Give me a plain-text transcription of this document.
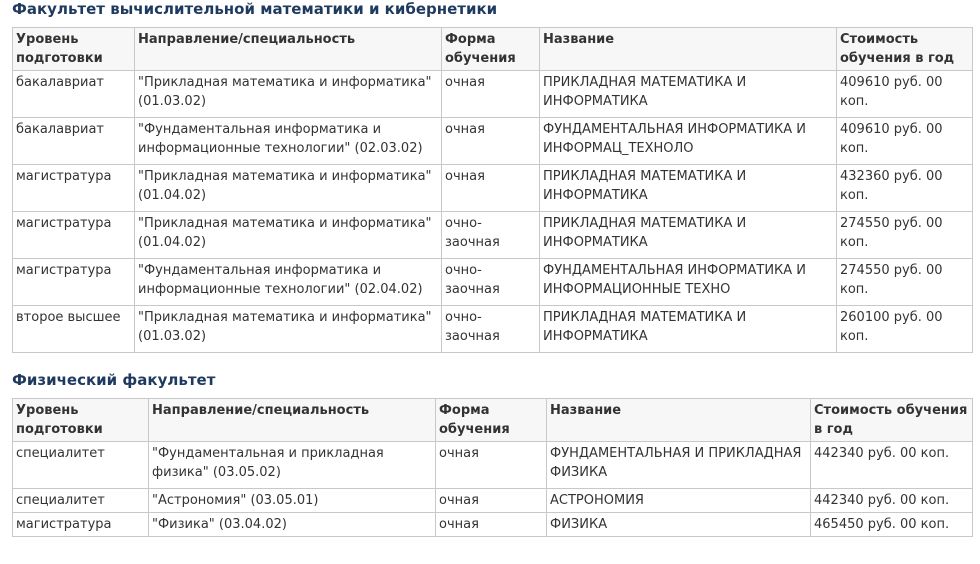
Факультет вычислительной математики и кибернетики
Уровень подготовки	Направление/специальность	Форма обучения	Название	Стоимость обучения в год
бакалавриат	"Прикладная математика и информатика" (01.03.02)	очная	ПРИКЛАДНАЯ МАТЕМАТИКА И ИНФОРМАТИКА	409610 руб. 00 коп.
бакалавриат	"Фундаментальная информатика и информационные технологии" (02.03.02)	очная	ФУНДАМЕНТАЛЬНАЯ ИНФОРМАТИКА И ИНФОРМАЦ_ТЕХНОЛО	409610 руб. 00 коп.
магистратура	"Прикладная математика и информатика" (01.04.02)	очная	ПРИКЛАДНАЯ МАТЕМАТИКА И ИНФОРМАТИКА	432360 руб. 00 коп.
магистратура	"Прикладная математика и информатика" (01.04.02)	очно-заочная	ПРИКЛАДНАЯ МАТЕМАТИКА И ИНФОРМАТИКА	274550 руб. 00 коп.
магистратура	"Фундаментальная информатика и информационные технологии" (02.04.02)	очно-заочная	ФУНДАМЕНТАЛЬНАЯ ИНФОРМАТИКА И ИНФОРМАЦИОННЫЕ ТЕХНО	274550 руб. 00 коп.
второе высшее	"Прикладная математика и информатика" (01.03.02)	очно-заочная	ПРИКЛАДНАЯ МАТЕМАТИКА И ИНФОРМАТИКА	260100 руб. 00 коп.
Физический факультет
Уровень подготовки	Направление/специальность	Форма обучения	Название	Стоимость обучения в год
специалитет	"Фундаментальная и прикладная физика" (03.05.02)	очная	ФУНДАМЕНТАЛЬНАЯ И ПРИКЛАДНАЯ ФИЗИКА	442340 руб. 00 коп.
специалитет	"Астрономия" (03.05.01)	очная	АСТРОНОМИЯ	442340 руб. 00 коп.
магистратура	"Физика" (03.04.02)	очная	ФИЗИКА	465450 руб. 00 коп.
